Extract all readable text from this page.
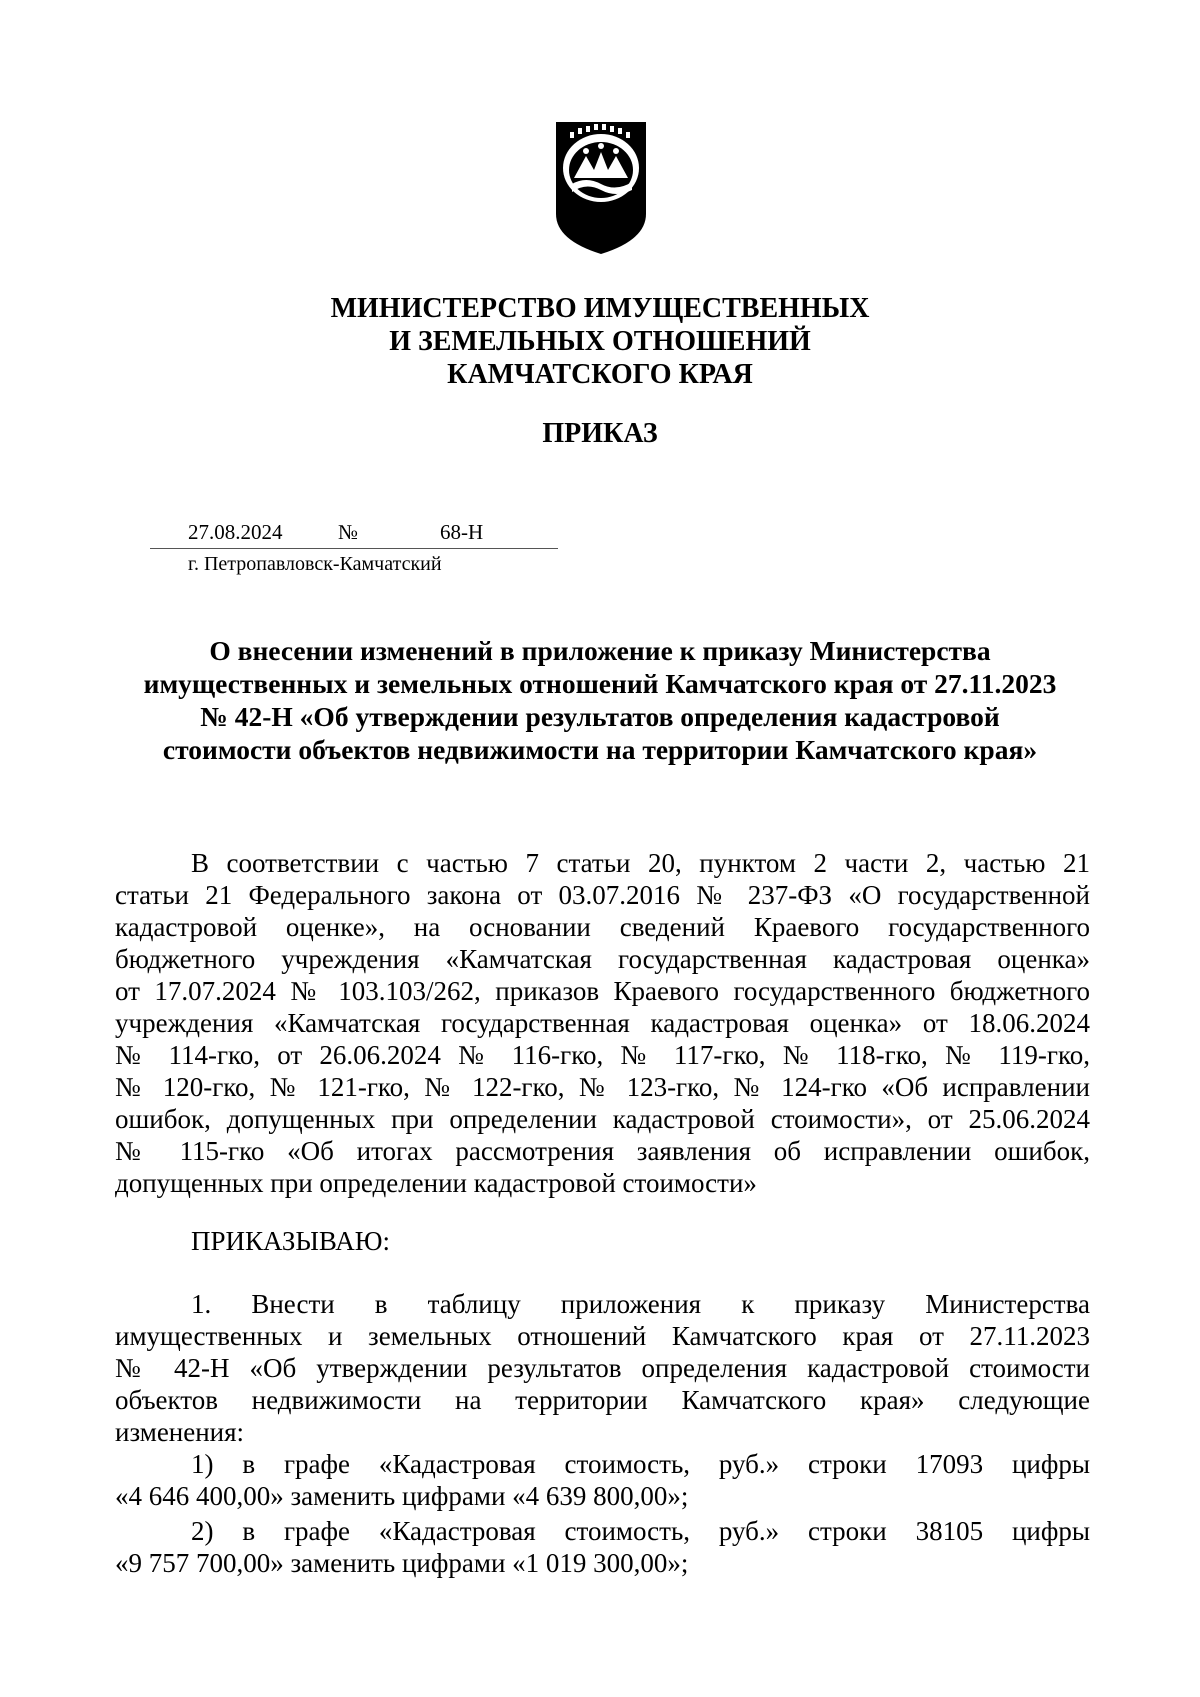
МИНИСТЕРСТВО ИМУЩЕСТВЕННЫХ
И ЗЕМЕЛЬНЫХ ОТНОШЕНИЙ
КАМЧАТСКОГО КРАЯ
ПРИКАЗ
27.08.2024	№	68-Н
г. Петропавловск-Камчатский
О внесении изменений в приложение к приказу Министерства
имущественных и земельных отношений Камчатского края от 27.11.2023
№ 42-Н «Об утверждении результатов определения кадастровой
стоимости объектов недвижимости на территории Камчатского края»
В соответствии с частью 7 статьи 20, пунктом 2 части 2, частью 21
статьи 21 Федерального закона от 03.07.2016 № 237-ФЗ «О государственной
кадастровой оценке», на основании сведений Краевого государственного
бюджетного учреждения «Камчатская государственная кадастровая оценка»
от 17.07.2024 № 103.103/262, приказов Краевого государственного бюджетного
учреждения «Камчатская государственная кадастровая оценка» от 18.06.2024
№ 114-гко, от 26.06.2024 № 116-гко, № 117-гко, № 118-гко, № 119-гко,
№ 120-гко, № 121-гко, № 122-гко, № 123-гко, № 124-гко «Об исправлении
ошибок, допущенных при определении кадастровой стоимости», от 25.06.2024
№ 115-гко «Об итогах рассмотрения заявления об исправлении ошибок,
допущенных при определении кадастровой стоимости»
ПРИКАЗЫВАЮ:
1. Внести в таблицу приложения к приказу Министерства
имущественных и земельных отношений Камчатского края от 27.11.2023
№ 42-Н «Об утверждении результатов определения кадастровой стоимости
объектов недвижимости на территории Камчатского края» следующие
изменения:
1) в графе «Кадастровая стоимость, руб.» строки 17093 цифры
«4 646 400,00» заменить цифрами «4 639 800,00»;
2) в графе «Кадастровая стоимость, руб.» строки 38105 цифры
«9 757 700,00» заменить цифрами «1 019 300,00»;
